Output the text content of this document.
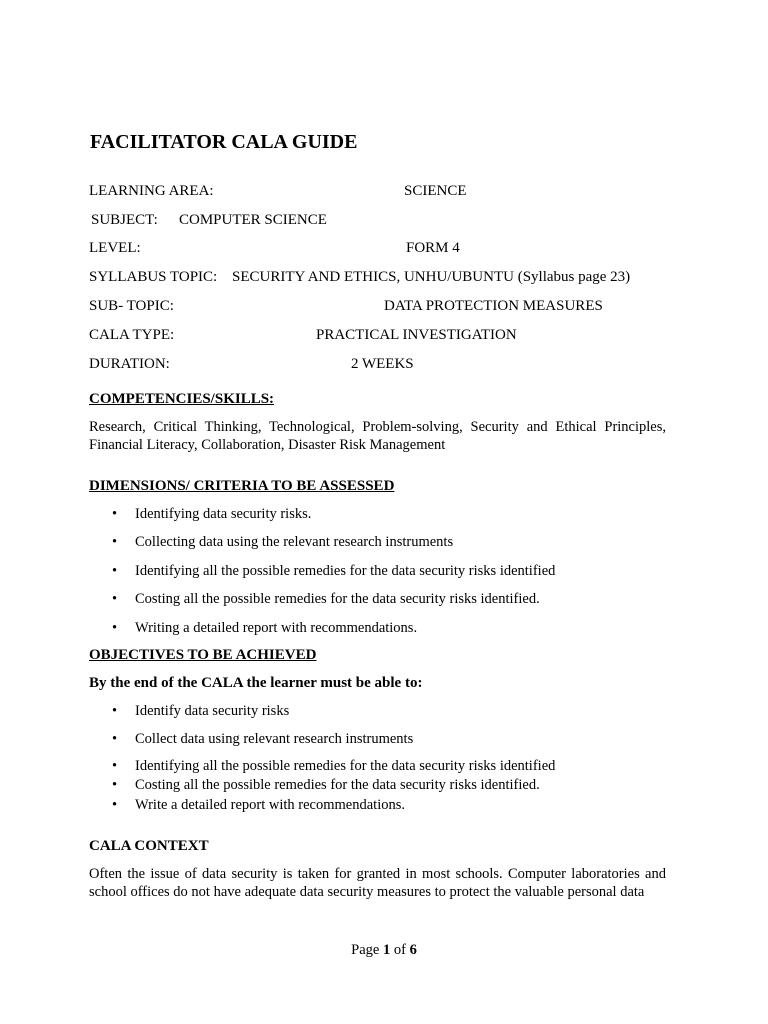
FACILITATOR CALA GUIDE
LEARNING AREA:	SCIENCE
SUBJECT: COMPUTER SCIENCE
LEVEL:	FORM 4
SYLLABUS TOPIC: SECURITY AND ETHICS, UNHU/UBUNTU (Syllabus page 23)
SUB- TOPIC:	DATA PROTECTION MEASURES
CALA TYPE:	PRACTICAL INVESTIGATION
DURATION:	2 WEEKS
COMPETENCIES/SKILLS:
Research, Critical Thinking, Technological, Problem-solving, Security and Ethical Principles, Financial Literacy, Collaboration, Disaster Risk Management
DIMENSIONS/ CRITERIA TO BE ASSESSED
• Identifying data security risks.
• Collecting data using the relevant research instruments
• Identifying all the possible remedies for the data security risks identified
• Costing all the possible remedies for the data security risks identified.
• Writing a detailed report with recommendations.
OBJECTIVES TO BE ACHIEVED
By the end of the CALA the learner must be able to:
• Identify data security risks
• Collect data using relevant research instruments
• Identifying all the possible remedies for the data security risks identified
• Costing all the possible remedies for the data security risks identified.
• Write a detailed report with recommendations.
CALA CONTEXT
Often the issue of data security is taken for granted in most schools. Computer laboratories and school offices do not have adequate data security measures to protect the valuable personal data
Page 1 of 6
